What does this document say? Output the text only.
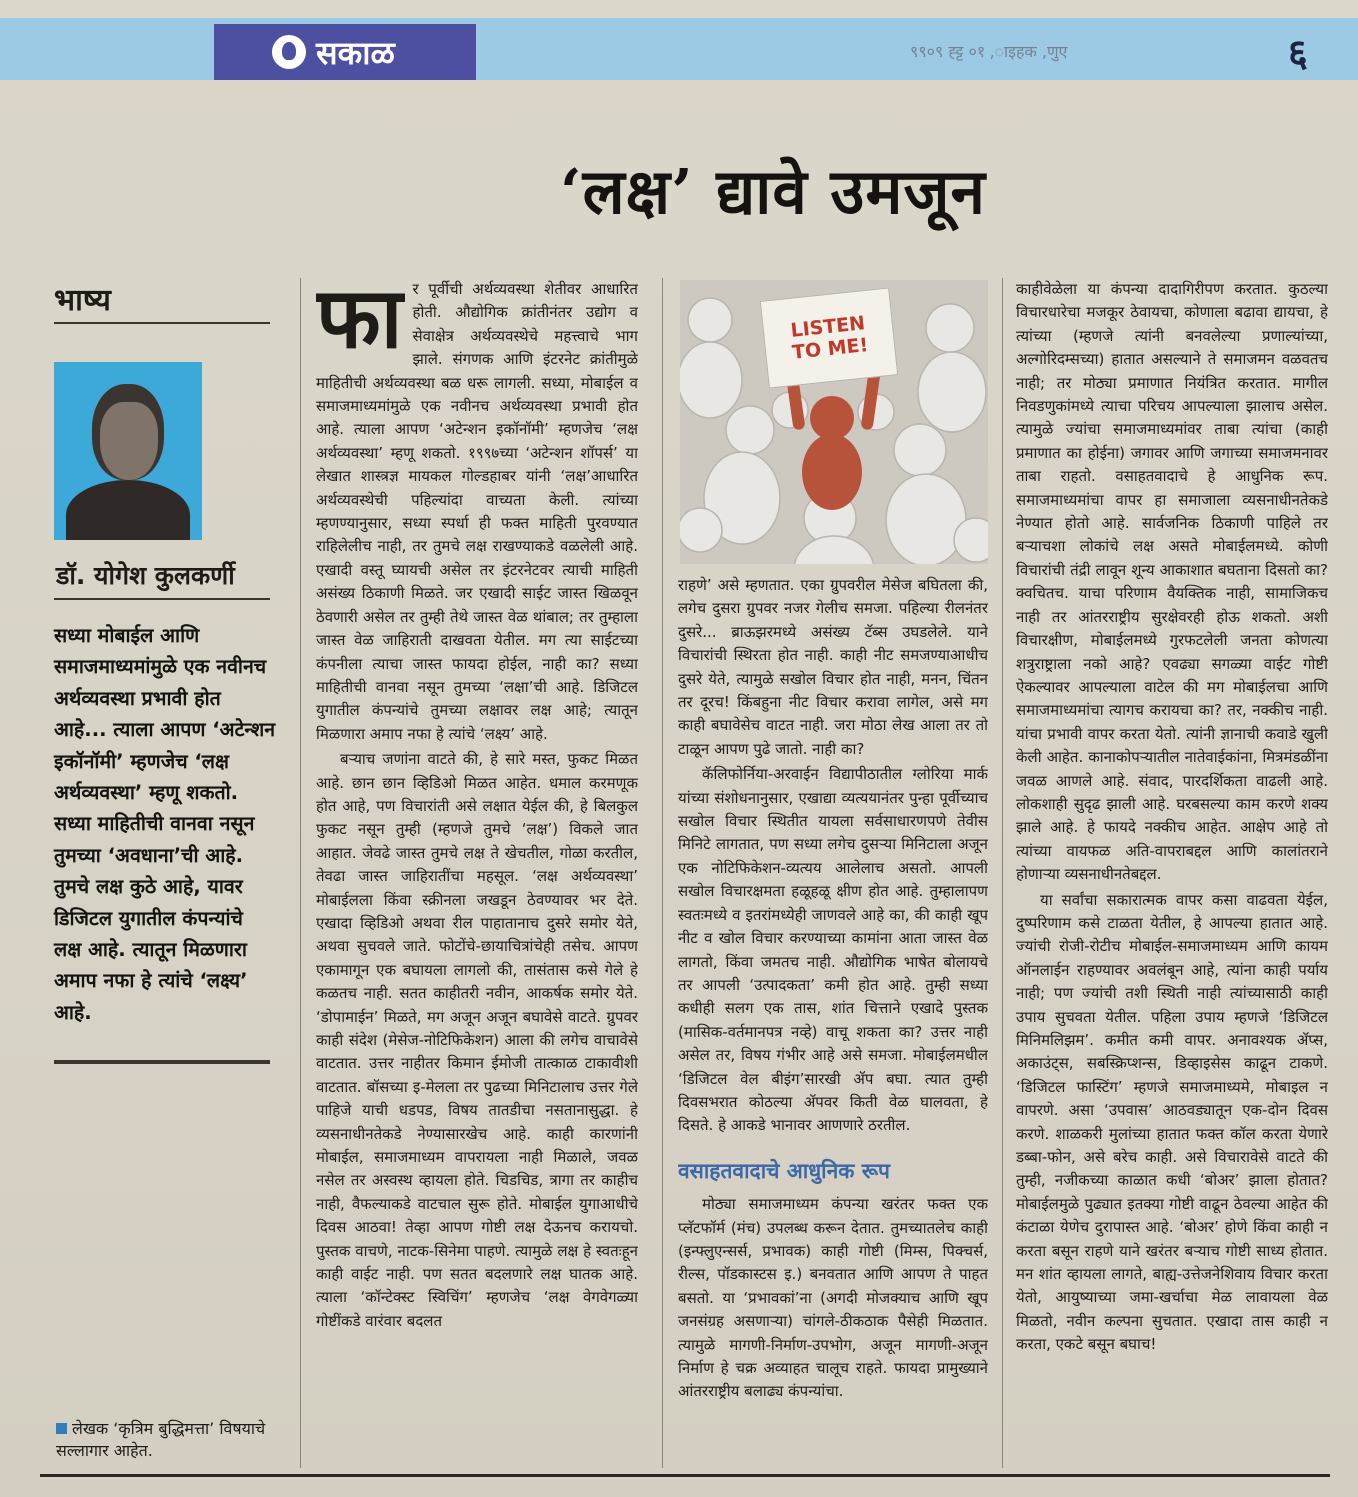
सकाळ	९९०९ ह्ट्ट ०१ ,ाइहक ,णुए	६
‘लक्ष’ द्यावे उमजून
भाष्य
डॉ. योगेश कुलकर्णी
सध्या मोबाईल आणि समाजमाध्यमांमुळे एक नवीनच अर्थव्यवस्था प्रभावी होत आहे... त्याला आपण ‘अटेन्शन इकॉनॉमी’ म्हणजेच ‘लक्ष अर्थव्यवस्था’ म्हणू शकतो. सध्या माहितीची वानवा नसून तुमच्या ‘अवधाना’ची आहे. तुमचे लक्ष कुठे आहे, यावर डिजिटल युगातील कंपन्यांचे लक्ष आहे. त्यातून मिळणारा अमाप नफा हे त्यांचे ‘लक्ष्य’ आहे.
लेखक ‘कृत्रिम बुद्धिमत्ता’ विषयाचे सल्लागार आहेत.
फा र पूर्वीची अर्थव्यवस्था शेतीवर आधारित होती. औद्योगिक क्रांतीनंतर उद्योग व सेवाक्षेत्र अर्थव्यवस्थेचे महत्त्वाचे भाग झाले. संगणक आणि इंटरनेट क्रांतीमुळे माहितीची अर्थव्यवस्था बळ धरू लागली. सध्या, मोबाईल व समाजमाध्यमांमुळे एक नवीनच अर्थव्यवस्था प्रभावी होत आहे. त्याला आपण ‘अटेन्शन इकॉनॉमी’ म्हणजेच ‘लक्ष अर्थव्यवस्था’ म्हणू शकतो. १९९७च्या ‘अटेन्शन शॉपर्स’ या लेखात शास्त्रज्ञ मायकल गोल्डहाबर यांनी ‘लक्ष’आधारित अर्थव्यवस्थेची पहिल्यांदा वाच्यता केली. त्यांच्या म्हणण्यानुसार, सध्या स्पर्धा ही फक्त माहिती पुरवण्यात राहिलेलीच नाही, तर तुमचे लक्ष राखण्याकडे वळलेली आहे. एखादी वस्तू घ्यायची असेल तर इंटरनेटवर त्याची माहिती असंख्य ठिकाणी मिळते. जर एखादी साईट जास्त खिळवून ठेवणारी असेल तर तुम्ही तेथे जास्त वेळ थांबाल; तर तुम्हाला जास्त वेळ जाहिराती दाखवता येतील. मग त्या साईटच्या कंपनीला त्याचा जास्त फायदा होईल, नाही का? सध्या माहितीची वानवा नसून तुमच्या ‘लक्षा’ची आहे. डिजिटल युगातील कंपन्यांचे तुमच्या लक्षावर लक्ष आहे; त्यातून मिळणारा अमाप नफा हे त्यांचे ‘लक्ष्य’ आहे.

बऱ्याच जणांना वाटते की, हे सारे मस्त, फुकट मिळत आहे. छान छान व्हिडिओ मिळत आहेत. धमाल करमणूक होत आहे, पण विचारांती असे लक्षात येईल की, हे बिलकुल फुकट नसून तुम्ही (म्हणजे तुमचे ‘लक्ष’) विकले जात आहात. जेवढे जास्त तुमचे लक्ष ते खेचतील, गोळा करतील, तेवढा जास्त जाहिरातींचा महसूल. ‘लक्ष अर्थव्यवस्था’ मोबाईलला किंवा स्क्रीनला जखडून ठेवण्यावर भर देते. एखादा व्हिडिओ अथवा रील पाहातानाच दुसरे समोर येते, अथवा सुचवले जाते. फोटोंचे-छायाचित्रांचेही तसेच. आपण एकामागून एक बघायला लागलो की, तासंतास कसे गेले हे कळतच नाही. सतत काहीतरी नवीन, आकर्षक समोर येते. ‘डोपामाईन’ मिळते, मग अजून अजून बघावेसे वाटते. ग्रुपवर काही संदेश (मेसेज-नोटिफिकेशन) आला की लगेच वाचावेसे वाटतात. उत्तर नाहीतर किमान ईमोजी तात्काळ टाकावीशी वाटतात. बॉसच्या इ-मेलला तर पुढच्या मिनिटालाच उत्तर गेले पाहिजे याची धडपड, विषय तातडीचा नसतानासुद्धा. हे व्यसनाधीनतेकडे नेण्यासारखेच आहे. काही कारणांनी मोबाईल, समाजमाध्यम वापरायला नाही मिळाले, जवळ नसेल तर अस्वस्थ व्हायला होते. चिडचिड, त्रागा तर काहीच नाही, वैफल्याकडे वाटचाल सुरू होते. मोबाईल युगाआधीचे दिवस आठवा! तेव्हा आपण गोष्टी लक्ष देऊनच करायचो. पुस्तक वाचणे, नाटक-सिनेमा पाहणे. त्यामुळे लक्ष हे स्वतःहून काही वाईट नाही. पण सतत बदलणारे लक्ष घातक आहे. त्याला ‘कॉन्टेक्स्ट स्विचिंग’ म्हणजेच ‘लक्ष वेगवेगळ्या गोष्टींकडे वारंवार बदलत

LISTEN
TO ME!

राहणे’ असे म्हणतात. एका ग्रुपवरील मेसेज बघितला की, लगेच दुसरा ग्रुपवर नजर गेलीच समजा. पहिल्या रीलनंतर दुसरे... ब्राऊझरमध्ये असंख्य टॅब्स उघडलेले. याने विचारांची स्थिरता होत नाही. काही नीट समजण्याआधीच दुसरे येते, त्यामुळे सखोल विचार होत नाही, मनन, चिंतन तर दूरच! किंबहुना नीट विचार करावा लागेल, असे मग काही बघावेसेच वाटत नाही. जरा मोठा लेख आला तर तो टाळून आपण पुढे जातो. नाही का?

कॅलिफोर्निया-अरवाईन विद्यापीठातील ग्लोरिया मार्क यांच्या संशोधनानुसार, एखाद्या व्यत्ययानंतर पुन्हा पूर्वीच्याच सखोल विचार स्थितीत यायला सर्वसाधारणपणे तेवीस मिनिटे लागतात, पण सध्या लगेच दुसऱ्या मिनिटाला अजून एक नोटिफिकेशन-व्यत्यय आलेलाच असतो. आपली सखोल विचारक्षमता हळूहळू क्षीण होत आहे. तुम्हालापण स्वतःमध्ये व इतरांमध्येही जाणवले आहे का, की काही खूप नीट व खोल विचार करण्याच्या कामांना आता जास्त वेळ लागतो, किंवा जमतच नाही. औद्योगिक भाषेत बोलायचे तर आपली ‘उत्पादकता’ कमी होत आहे. तुम्ही सध्या कधीही सलग एक तास, शांत चित्ताने एखादे पुस्तक (मासिक-वर्तमानपत्र नव्हे) वाचू शकता का? उत्तर नाही असेल तर, विषय गंभीर आहे असे समजा. मोबाईलमधील ‘डिजिटल वेल बीइंग’सारखी ॲप बघा. त्यात तुम्ही दिवसभरात कोठल्या ॲपवर किती वेळ घालवता, हे दिसते. हे आकडे भानावर आणणारे ठरतील.

वसाहतवादाचे आधुनिक रूप

मोठ्या समाजमाध्यम कंपन्या खरंतर फक्त एक प्लॅटफॉर्म (मंच) उपलब्ध करून देतात. तुमच्यातलेच काही (इन्फ्लुएन्सर्स, प्रभावक) काही गोष्टी (मिम्स, पिक्चर्स, रील्स, पॉडकास्टस इ.) बनवतात आणि आपण ते पाहत बसतो. या ‘प्रभावकां’ना (अगदी मोजक्याच आणि खूप जनसंग्रह असणाऱ्या) चांगले-ठीकठाक पैसेही मिळतात. त्यामुळे मागणी-निर्माण-उपभोग, अजून मागणी-अजून निर्माण हे चक्र अव्याहत चालूच राहते. फायदा प्रामुख्याने आंतरराष्ट्रीय बलाढ्य कंपन्यांचा.

काहीवेळेला या कंपन्या दादागिरीपण करतात. कुठल्या विचारधारेचा मजकूर ठेवायचा, कोणाला बढावा द्यायचा, हे त्यांच्या (म्हणजे त्यांनी बनवलेल्या प्रणाल्यांच्या, अल्गोरिदम्सच्या) हातात असल्याने ते समाजमन वळवतच नाही; तर मोठ्या प्रमाणात नियंत्रित करतात. मागील निवडणुकांमध्ये त्याचा परिचय आपल्याला झालाच असेल. त्यामुळे ज्यांचा समाजमाध्यमांवर ताबा त्यांचा (काही प्रमाणात का होईना) जगावर आणि जगाच्या समाजमनावर ताबा राहतो. वसाहतवादाचे हे आधुनिक रूप. समाजमाध्यमांचा वापर हा समाजाला व्यसनाधीनतेकडे नेण्यात होतो आहे. सार्वजनिक ठिकाणी पाहिले तर बऱ्याचशा लोकांचे लक्ष असते मोबाईलमध्ये. कोणी विचारांची तंद्री लावून शून्य आकाशात बघताना दिसतो का? क्वचितच. याचा परिणाम वैयक्तिक नाही, सामाजिकच नाही तर आंतरराष्ट्रीय सुरक्षेवरही होऊ शकतो. अशी विचारक्षीण, मोबाईलमध्ये गुरफटलेली जनता कोणत्या शत्रुराष्ट्राला नको आहे? एवढ्या सगळ्या वाईट गोष्टी ऐकल्यावर आपल्याला वाटेल की मग मोबाईलचा आणि समाजमाध्यमांचा त्यागच करायचा का? तर, नक्कीच नाही. यांचा प्रभावी वापर करता येतो. त्यांनी ज्ञानाची कवाडे खुली केली आहेत. कानाकोपऱ्यातील नातेवाईकांना, मित्रमंडळींना जवळ आणले आहे. संवाद, पारदर्शिकता वाढली आहे. लोकशाही सुदृढ झाली आहे. घरबसल्या काम करणे शक्य झाले आहे. हे फायदे नक्कीच आहेत. आक्षेप आहे तो त्यांच्या वायफळ अति-वापराबद्दल आणि कालांतराने होणाऱ्या व्यसनाधीनतेबद्दल.

या सर्वांचा सकारात्मक वापर कसा वाढवता येईल, दुष्परिणाम कसे टाळता येतील, हे आपल्या हातात आहे. ज्यांची रोजी-रोटीच मोबाईल-समाजमाध्यम आणि कायम ऑनलाईन राहण्यावर अवलंबून आहे, त्यांना काही पर्याय नाही; पण ज्यांची तशी स्थिती नाही त्यांच्यासाठी काही उपाय सुचवता येतील. पहिला उपाय म्हणजे ‘डिजिटल मिनिमलिझम’. कमीत कमी वापर. अनावश्यक ॲप्स, अकाउंट्स, सबस्क्रिप्शन्स, डिव्हाइसेस काढून टाकणे. ‘डिजिटल फास्टिंग’ म्हणजे समाजमाध्यमे, मोबाइल न वापरणे. असा ‘उपवास’ आठवड्यातून एक-दोन दिवस करणे. शाळकरी मुलांच्या हातात फक्त कॉल करता येणारे डब्बा-फोन, असे बरेच काही. असे विचारावेसे वाटते की तुम्ही, नजीकच्या काळात कधी ‘बोअर’ झाला होतात? मोबाईलमुळे पुढ्यात इतक्या गोष्टी वाढून ठेवल्या आहेत की कंटाळा येणेच दुरापास्त आहे. ‘बोअर’ होणे किंवा काही न करता बसून राहणे याने खरंतर बऱ्याच गोष्टी साध्य होतात. मन शांत व्हायला लागते, बाह्य-उत्तेजनेशिवाय विचार करता येतो, आयुष्याच्या जमा-खर्चाचा मेळ लावायला वेळ मिळतो, नवीन कल्पना सुचतात. एखादा तास काही न करता, एकटे बसून बघाच!
